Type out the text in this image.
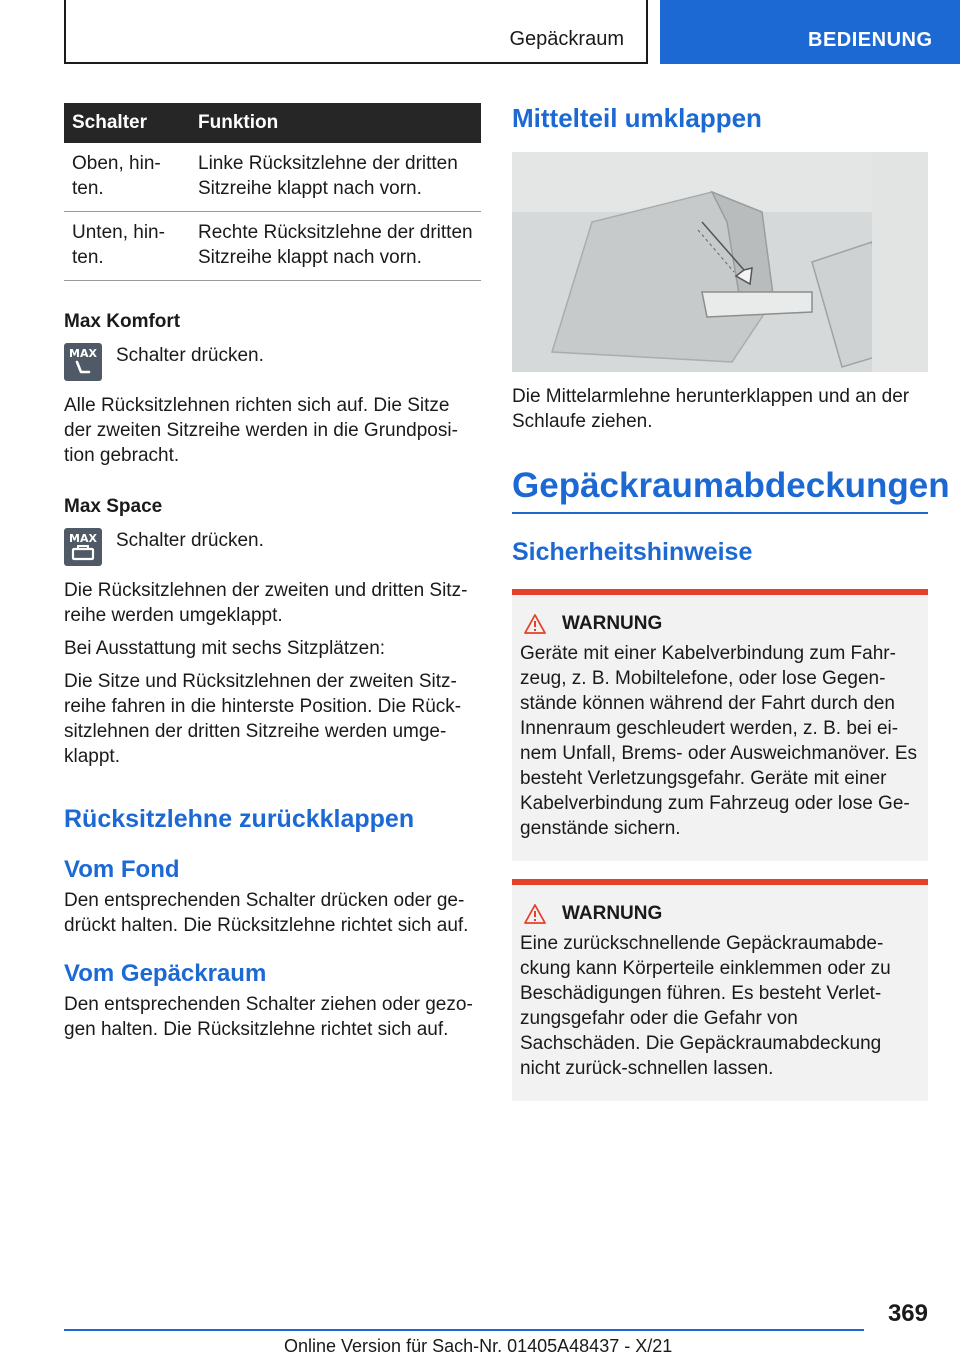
Gepäckraum	BEDIENUNG
Schalter	Funktion
Oben, hin-ten.	Linke Rücksitzlehne der dritten Sitzreihe klappt nach vorn.
Unten, hin-ten.	Rechte Rücksitzlehne der dritten Sitzreihe klappt nach vorn.
Max Komfort
MAX Schalter drücken.

Alle Rücksitzlehnen richten sich auf. Die Sitze der zweiten Sitzreihe werden in die Grundposi-tion gebracht.

Max Space
MAX Schalter drücken.

Die Rücksitzlehnen der zweiten und dritten Sitz-reihe werden umgeklappt.

Bei Ausstattung mit sechs Sitzplätzen:

Die Sitze und Rücksitzlehnen der zweiten Sitz-reihe fahren in die hinterste Position. Die Rück-sitzlehnen der dritten Sitzreihe werden umge-klappt.

Rücksitzlehne zurückklappen
Vom Fond

Den entsprechenden Schalter drücken oder ge-drückt halten. Die Rücksitzlehne richtet sich auf.

Vom Gepäckraum

Den entsprechenden Schalter ziehen oder gezo-gen halten. Die Rücksitzlehne richtet sich auf.

Mittelteil umklappen

Die Mittelarmlehne herunterklappen und an der Schlaufe ziehen.

Gepäckraumabdeckungen
Sicherheitshinweise
WARNUNG

Geräte mit einer Kabelverbindung zum Fahr-zeug, z. B. Mobiltelefone, oder lose Gegen-stände können während der Fahrt durch den Innenraum geschleudert werden, z. B. bei ei-nem Unfall, Brems- oder Ausweichmanöver. Es besteht Verletzungsgefahr. Geräte mit einer Kabelverbindung zum Fahrzeug oder lose Ge-genstände sichern.

WARNUNG

Eine zurückschnellende Gepäckraumabde-ckung kann Körperteile einklemmen oder zu Beschädigungen führen. Es besteht Verlet-zungsgefahr oder die Gefahr von Sachschäden. Die Gepäckraumabdeckung nicht zurück-schnellen lassen.

369
Online Version für Sach-Nr. 01405A48437 - X/21
